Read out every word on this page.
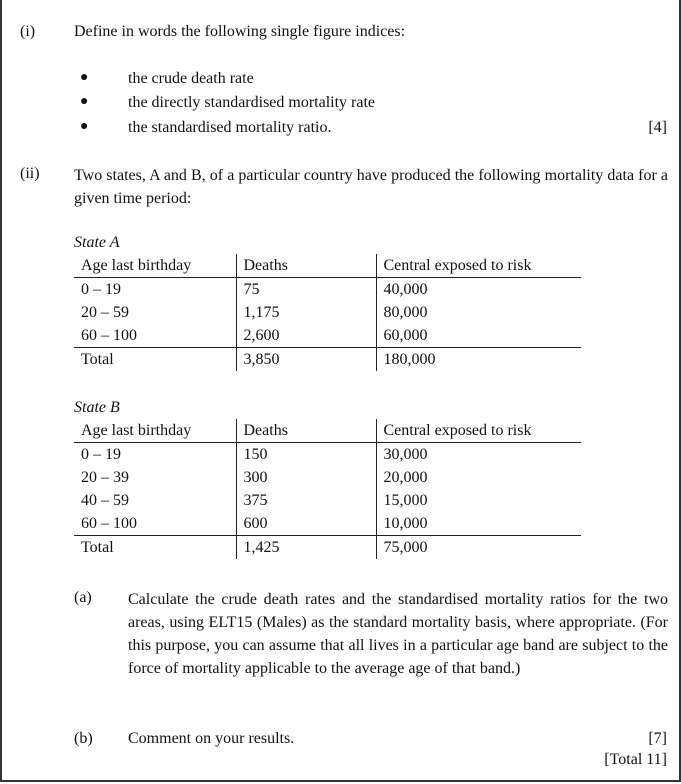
(i) Define in words the following single figure indices:
● the crude death rate
● the directly standardised mortality rate
● the standardised mortality ratio.	[4]
(ii) Two states, A and B, of a particular country have produced the following mortality data for a given time period:
State A
Age last birthday	Deaths	Central exposed to risk
0 – 19	75	40,000
20 – 59	1,175	80,000
60 – 100	2,600	60,000
Total	3,850	180,000
State B
Age last birthday	Deaths	Central exposed to risk
0 – 19	150	30,000
20 – 39	300	20,000
40 – 59	375	15,000
60 – 100	600	10,000
Total	1,425	75,000
(a) Calculate the crude death rates and the standardised mortality ratios for the two areas, using ELT15 (Males) as the standard mortality basis, where appropriate. (For this purpose, you can assume that all lives in a particular age band are subject to the force of mortality applicable to the average age of that band.)
(b) Comment on your results.	[7]
[Total 11]
